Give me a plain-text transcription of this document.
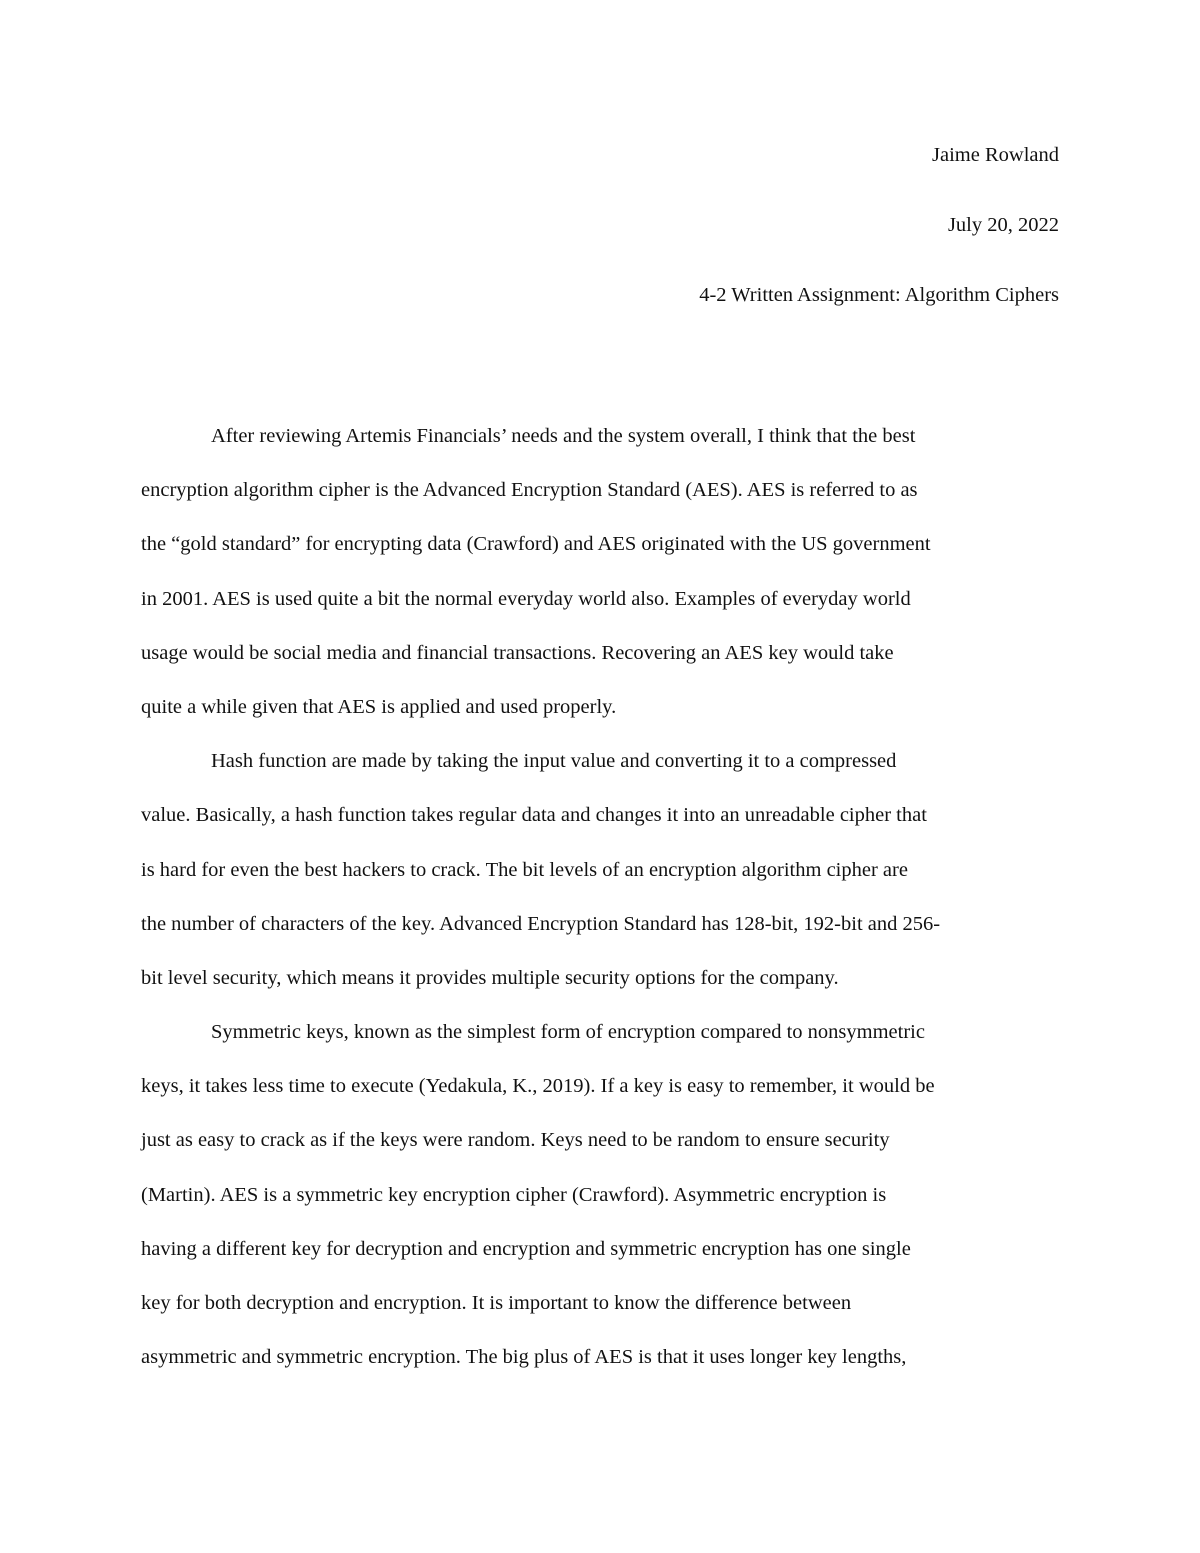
Jaime Rowland
July 20, 2022
4-2 Written Assignment: Algorithm Ciphers
After reviewing Artemis Financials’ needs and the system overall, I think that the best
encryption algorithm cipher is the Advanced Encryption Standard (AES). AES is referred to as
the “gold standard” for encrypting data (Crawford) and AES originated with the US government
in 2001. AES is used quite a bit the normal everyday world also. Examples of everyday world
usage would be social media and financial transactions. Recovering an AES key would take
quite a while given that AES is applied and used properly.
Hash function are made by taking the input value and converting it to a compressed
value. Basically, a hash function takes regular data and changes it into an unreadable cipher that
is hard for even the best hackers to crack. The bit levels of an encryption algorithm cipher are
the number of characters of the key. Advanced Encryption Standard has 128-bit, 192-bit and 256-
bit level security, which means it provides multiple security options for the company.
Symmetric keys, known as the simplest form of encryption compared to nonsymmetric
keys, it takes less time to execute (Yedakula, K., 2019). If a key is easy to remember, it would be
just as easy to crack as if the keys were random. Keys need to be random to ensure security
(Martin). AES is a symmetric key encryption cipher (Crawford). Asymmetric encryption is
having a different key for decryption and encryption and symmetric encryption has one single
key for both decryption and encryption. It is important to know the difference between
asymmetric and symmetric encryption. The big plus of AES is that it uses longer key lengths,
